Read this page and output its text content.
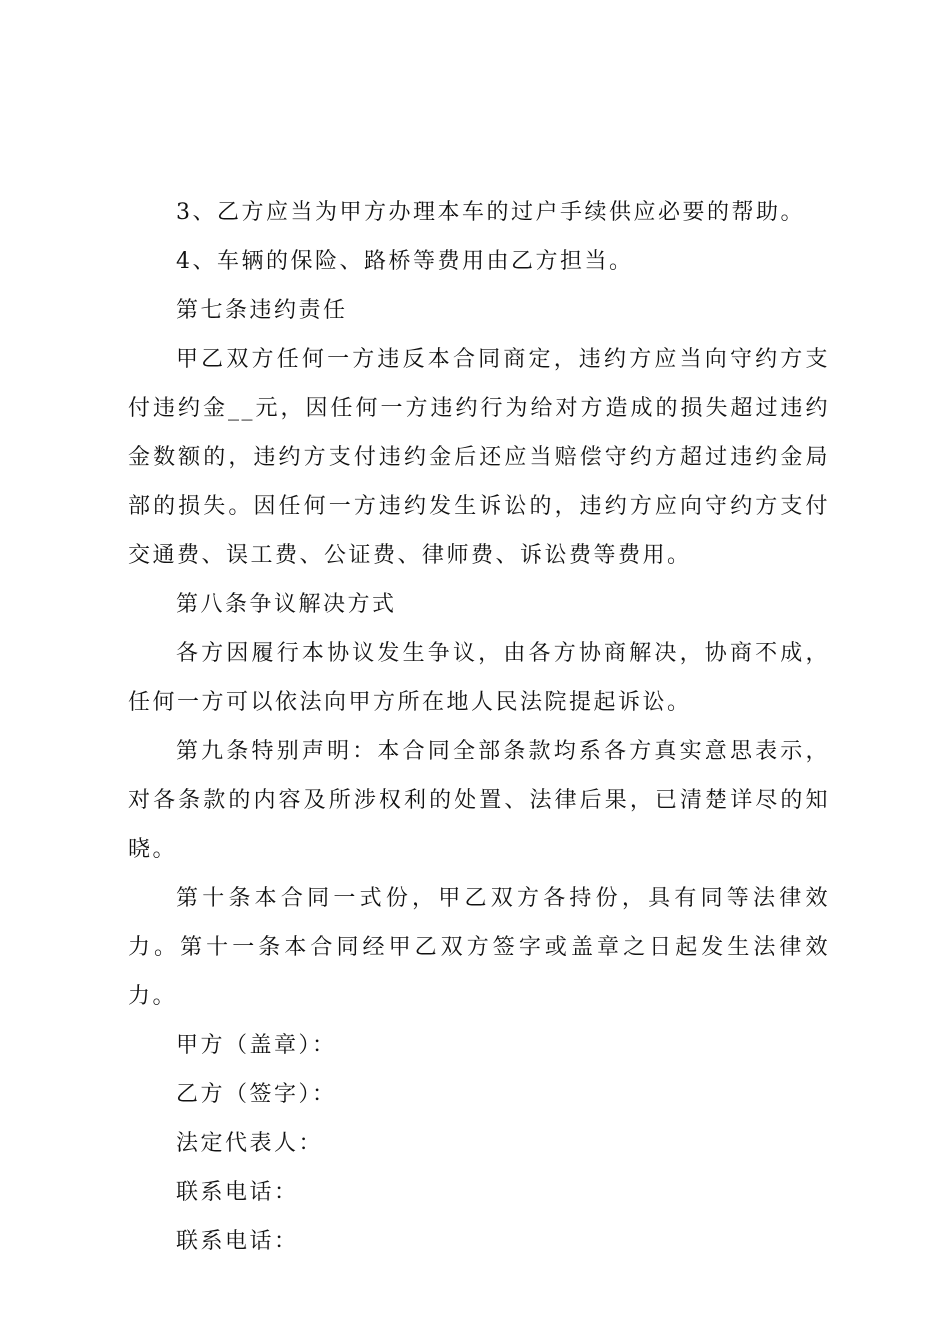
3、乙方应当为甲方办理本车的过户手续供应必要的帮助。

4、车辆的保险、路桥等费用由乙方担当。

第七条违约责任

甲乙双方任何一方违反本合同商定，违约方应当向守约方支付违约金__元，因任何一方违约行为给对方造成的损失超过违约金数额的，违约方支付违约金后还应当赔偿守约方超过违约金局部的损失。因任何一方违约发生诉讼的，违约方应向守约方支付交通费、误工费、公证费、律师费、诉讼费等费用。

第八条争议解决方式

各方因履行本协议发生争议，由各方协商解决，协商不成，任何一方可以依法向甲方所在地人民法院提起诉讼。

第九条特别声明：本合同全部条款均系各方真实意思表示，对各条款的内容及所涉权利的处置、法律后果，已清楚详尽的知晓。

第十条本合同一式份，甲乙双方各持份，具有同等法律效力。第十一条本合同经甲乙双方签字或盖章之日起发生法律效力。

甲方（盖章）：

乙方（签字）：

法定代表人：

联系电话：

联系电话：
